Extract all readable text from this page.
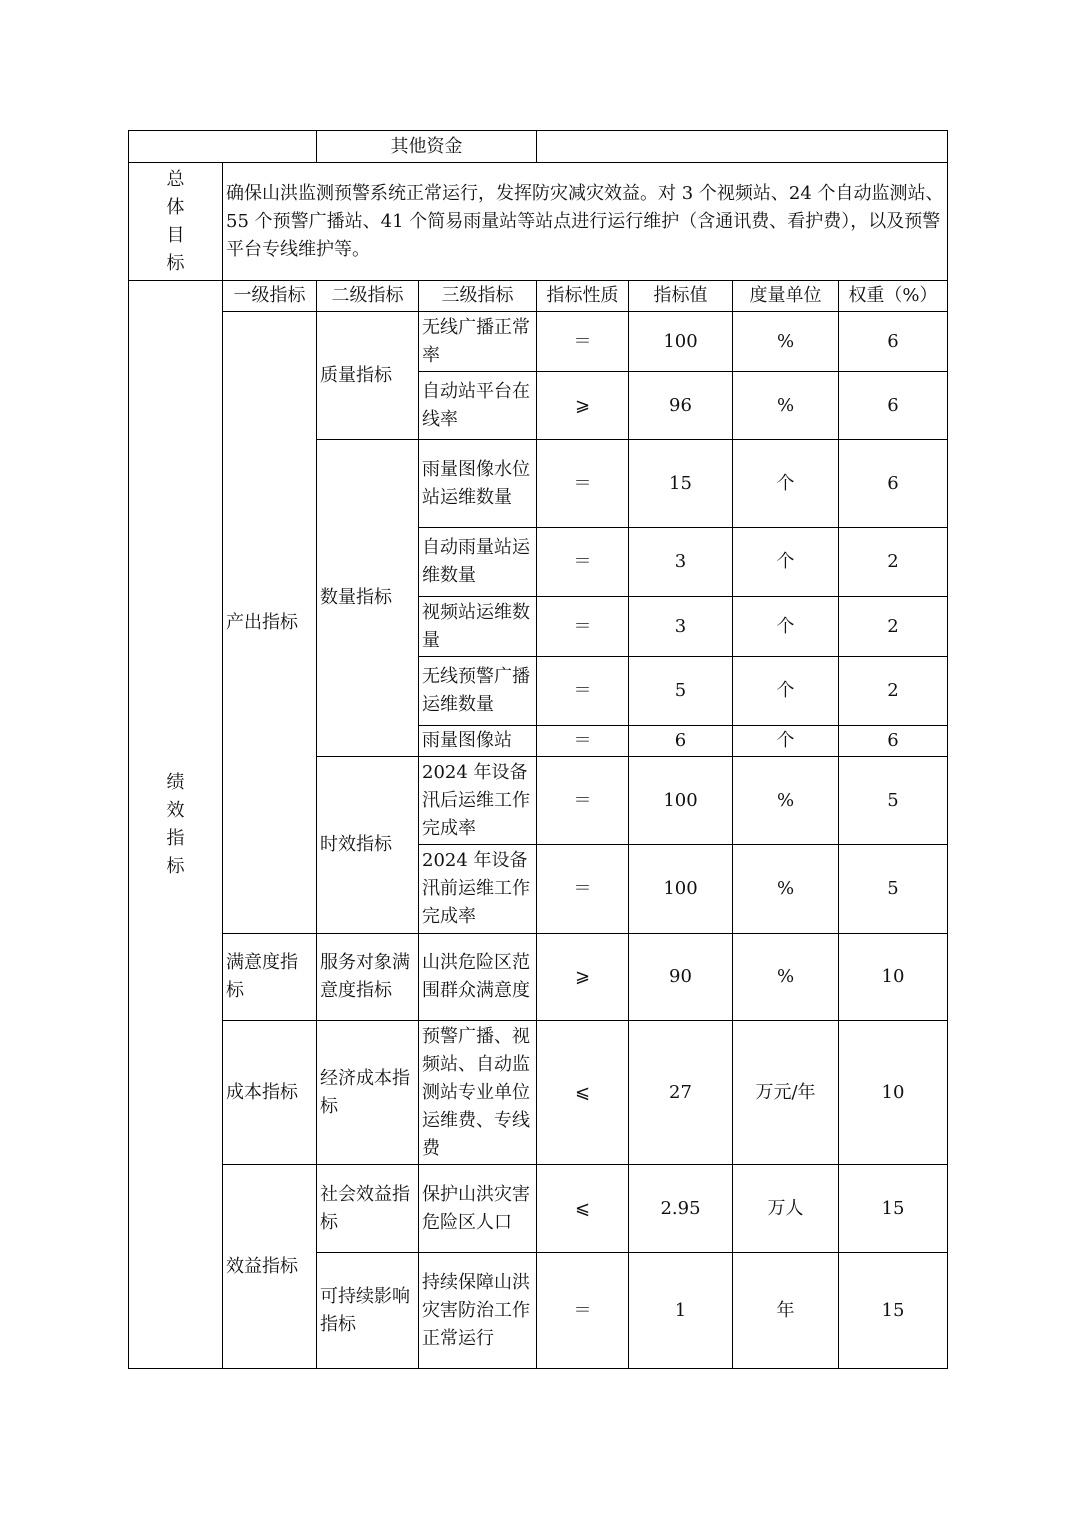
		其他资金					

总
体
目
标	确保山洪监测预警系统正常运行，发挥防灾减灾效益。对 3 个视频站、24 个自动监测站、55 个预警广播站、41 个简易雨量站等站点进行运行维护（含通讯费、看护费），以及预警平台专线维护等。						

绩
效
指
标	一级指标	二级指标	三级指标	指标性质	指标值	度量单位	权重（%）
	产出指标	质量指标	无线广播正常率	＝	100	%	6
			自动站平台在线率	⩾	96	%	6
		数量指标	雨量图像水位站运维数量	＝	15	个	6
			自动雨量站运维数量	＝	3	个	2
			视频站运维数量	＝	3	个	2
			无线预警广播运维数量	＝	5	个	2
			雨量图像站	＝	6	个	6
		时效指标	2024 年设备汛后运维工作完成率	＝	100	%	5
			2024 年设备汛前运维工作完成率	＝	100	%	5
	满意度指标	服务对象满意度指标	山洪危险区范围群众满意度	⩾	90	%	10
	成本指标	经济成本指标	预警广播、视频站、自动监测站专业单位运维费、专线费	⩽	27	万元/年	10
	效益指标	社会效益指标	保护山洪灾害危险区人口	⩽	2.95	万人	15
		可持续影响指标	持续保障山洪灾害防治工作正常运行	＝	1	年	15
